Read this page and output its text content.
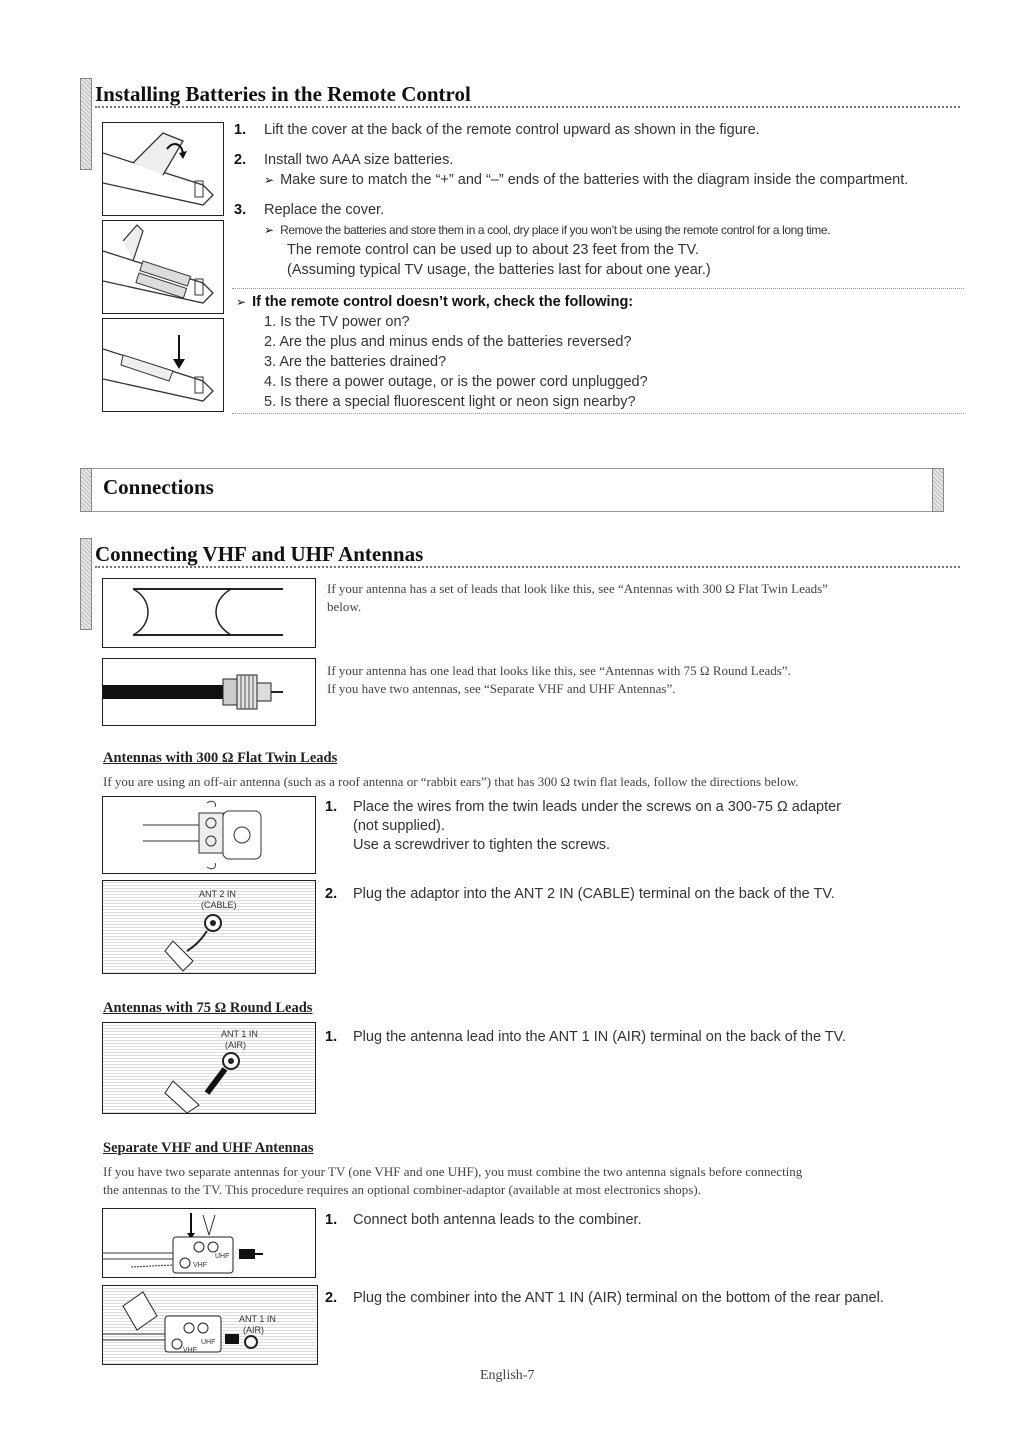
Installing Batteries in the Remote Control
1. Lift the cover at the back of the remote control upward as shown in the figure.
2. Install two AAA size batteries.
➢ Make sure to match the “+” and “–” ends of the batteries with the diagram inside the compartment.
3. Replace the cover.
➢ Remove the batteries and store them in a cool, dry place if you won’t be using the remote control for a long time.
The remote control can be used up to about 23 feet from the TV.
(Assuming typical TV usage, the batteries last for about one year.)
➢ If the remote control doesn’t work, check the following:
1. Is the TV power on?
2. Are the plus and minus ends of the batteries reversed?
3. Are the batteries drained?
4. Is there a power outage, or is the power cord unplugged?
5. Is there a special fluorescent light or neon sign nearby?
Connections
Connecting VHF and UHF Antennas
If your antenna has a set of leads that look like this, see “Antennas with 300 Ω Flat Twin Leads”
below.
If your antenna has one lead that looks like this, see “Antennas with 75 Ω Round Leads”.
If you have two antennas, see “Separate VHF and UHF Antennas”.
Antennas with 300 Ω Flat Twin Leads
If you are using an off-air antenna (such as a roof antenna or “rabbit ears”) that has 300 Ω twin flat leads, follow the directions below.
1. Place the wires from the twin leads under the screws on a 300-75 Ω adapter
(not supplied).
Use a screwdriver to tighten the screws.
ANT 2 IN
(CABLE)
2. Plug the adaptor into the ANT 2 IN (CABLE) terminal on the back of the TV.
Antennas with 75 Ω Round Leads
ANT 1 IN
(AIR)	1. Plug the antenna lead into the ANT 1 IN (AIR) terminal on the back of the TV.
Separate VHF and UHF Antennas
If you have two separate antennas for your TV (one VHF and one UHF), you must combine the two antenna signals before connecting
the antennas to the TV. This procedure requires an optional combiner-adaptor (available at most electronics shops).
UHF
VHF
1. Connect both antenna leads to the combiner.
ANT 1 IN
(AIR)
UHF
VHF
2. Plug the combiner into the ANT 1 IN (AIR) terminal on the bottom of the rear panel.
English-7
